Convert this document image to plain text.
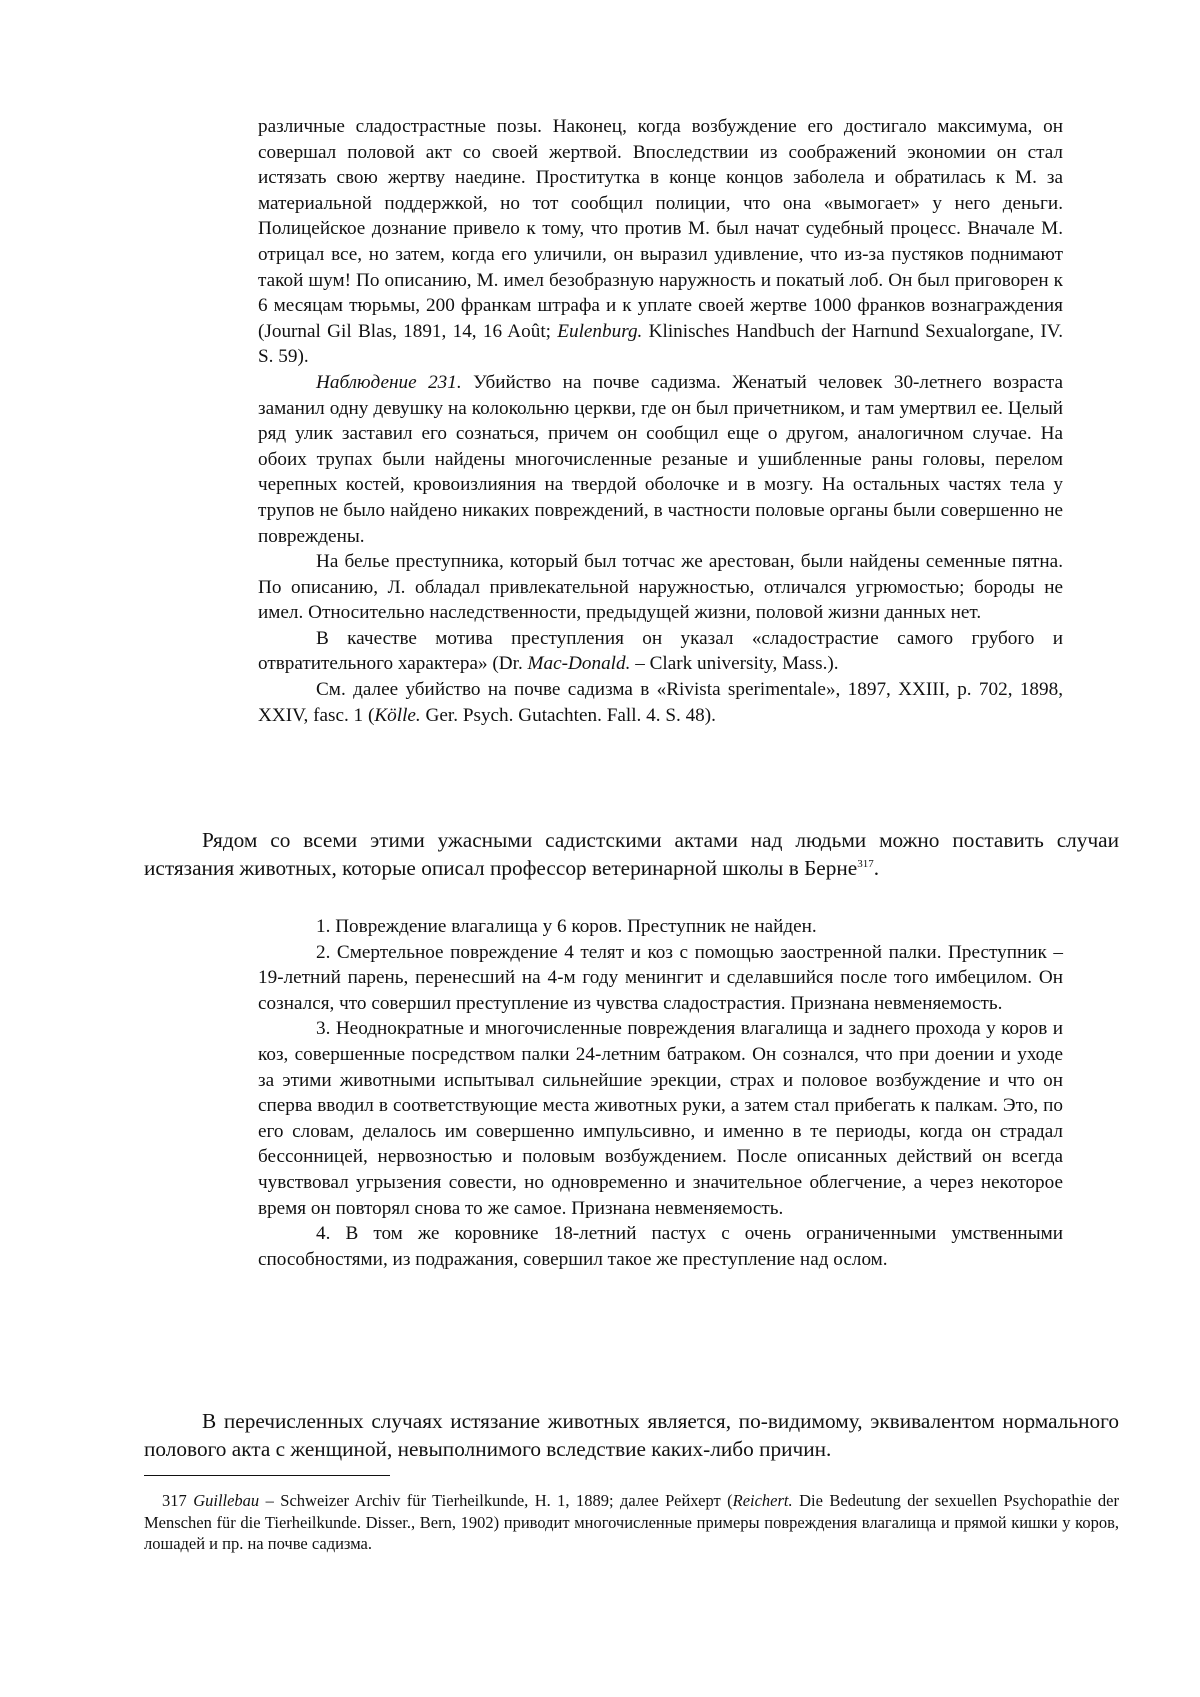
различные сладострастные позы. Наконец, когда возбуждение его достигало максимума, он совершал половой акт со своей жертвой. Впоследствии из соображений экономии он стал истязать свою жертву наедине. Проститутка в конце концов заболела и обратилась к М. за материальной поддержкой, но тот сообщил полиции, что она «вымогает» у него деньги. Полицейское дознание привело к тому, что против М. был начат судебный процесс. Вначале М. отрицал все, но затем, когда его уличили, он выразил удивление, что из-за пустяков поднимают такой шум! По описанию, М. имел безобразную наружность и покатый лоб. Он был приговорен к 6 месяцам тюрьмы, 200 франкам штрафа и к уплате своей жертве 1000 франков вознаграждения (Journal Gil Blas, 1891, 14, 16 Août; Eulenburg. Klinisches Handbuch der Harnund Sexualorgane, IV. S. 59).

Наблюдение 231. Убийство на почве садизма. Женатый человек 30-летнего возраста заманил одну девушку на колокольню церкви, где он был причетником, и там умертвил ее. Целый ряд улик заставил его сознаться, причем он сообщил еще о другом, аналогичном случае. На обоих трупах были найдены многочисленные резаные и ушибленные раны головы, перелом черепных костей, кровоизлияния на твердой оболочке и в мозгу. На остальных частях тела у трупов не было найдено никаких повреждений, в частности половые органы были совершенно не повреждены.

На белье преступника, который был тотчас же арестован, были найдены семенные пятна. По описанию, Л. обладал привлекательной наружностью, отличался угрюмостью; бороды не имел. Относительно наследственности, предыдущей жизни, половой жизни данных нет.

В качестве мотива преступления он указал «сладострастие самого грубого и отвратительного характера» (Dr. Mac-Donald. – Clark university, Mass.).

См. далее убийство на почве садизма в «Rivista sperimentale», 1897, XXIII, p. 702, 1898, XXIV, fasc. 1 (Kölle. Ger. Psych. Gutachten. Fall. 4. S. 48).

Рядом со всеми этими ужасными садистскими актами над людьми можно поставить случаи истязания животных, которые описал профессор ветеринарной школы в Берне$^{317}$.

1. Повреждение влагалища у 6 коров. Преступник не найден.

2. Смертельное повреждение 4 телят и коз с помощью заостренной палки. Преступник – 19-летний парень, перенесший на 4-м году менингит и сделавшийся после того имбецилом. Он сознался, что совершил преступление из чувства сладострастия. Признана невменяемость.

3. Неоднократные и многочисленные повреждения влагалища и заднего прохода у коров и коз, совершенные посредством палки 24-летним батраком. Он сознался, что при доении и уходе за этими животными испытывал сильнейшие эрекции, страх и половое возбуждение и что он сперва вводил в соответствующие места животных руки, а затем стал прибегать к палкам. Это, по его словам, делалось им совершенно импульсивно, и именно в те периоды, когда он страдал бессонницей, нервозностью и половым возбуждением. После описанных действий он всегда чувствовал угрызения совести, но одновременно и значительное облегчение, а через некоторое время он повторял снова то же самое. Признана невменяемость.

4. В том же коровнике 18-летний пастух с очень ограниченными умственными способностями, из подражания, совершил такое же преступление над ослом.

В перечисленных случаях истязание животных является, по-видимому, эквивалентом нормального полового акта с женщиной, невыполнимого вследствие каких-либо причин.

317 Guillebau – Schweizer Archiv für Tierheilkunde, H. 1, 1889; далее Рейхерт (Reichert. Die Bedeutung der sexuellen Psychopathie der Menschen für die Tierheilkunde. Disser., Bern, 1902) приводит многочисленные примеры повреждения влагалища и прямой кишки у коров, лошадей и пр. на почве садизма.
